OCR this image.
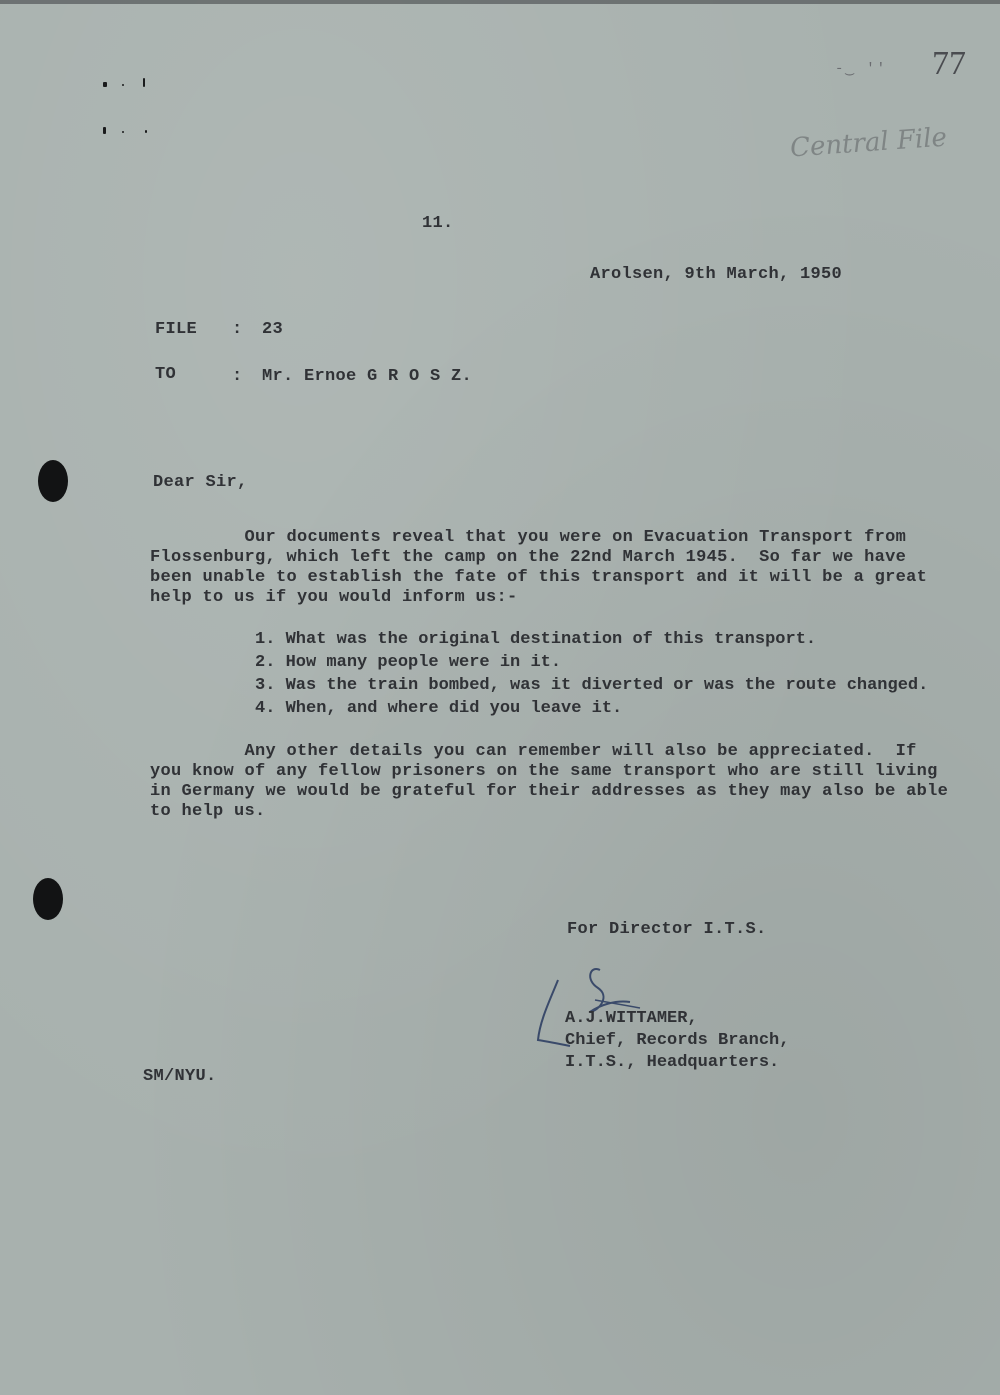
-‿ '' 77
Central File
11.
Arolsen, 9th March, 1950
FILE : 23
TO	: Mr. Ernoe G R O S Z.
Dear Sir,

Our documents reveal that you were on Evacuation Transport from

Flossenburg, which left the camp on the 22nd March 1945.  So far we have

been unable to establish the fate of this transport and it will be a great

help to us if you would inform us:-

1. What was the original destination of this transport.
2. How many people were in it.
3. Was the train bombed, was it diverted or was the route changed.
4. When, and where did you leave it.

Any other details you can remember will also be appreciated.  If

you know of any fellow prisoners on the same transport who are still living

in Germany we would be grateful for their addresses as they may also be able

to help us.

For Director I.T.S.
A.J.WITTAMER,
Chief, Records Branch,
I.T.S., Headquarters.
SM/NYU.
